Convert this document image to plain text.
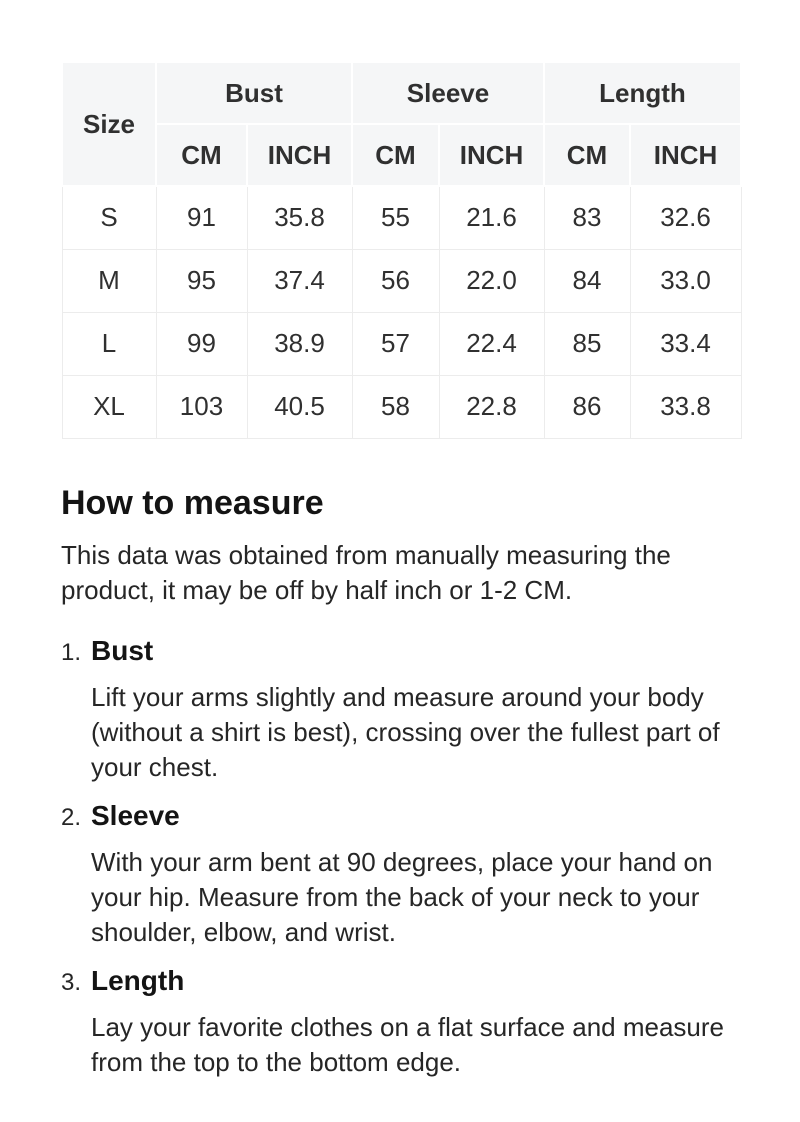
Size	Bust		Sleeve		Length	
	CM	INCH	CM	INCH	CM	INCH
S	91	35.8	55	21.6	83	32.6
M	95	37.4	56	22.0	84	33.0
L	99	38.9	57	22.4	85	33.4
XL	103	40.5	58	22.8	86	33.8
How to measure

This data was obtained from manually measuring the product, it may be off by half inch or 1-2 CM.

1. Bust

Lift your arms slightly and measure around your body (without a shirt is best), crossing over the fullest part of your chest.

2. Sleeve

With your arm bent at 90 degrees, place your hand on your hip. Measure from the back of your neck to your shoulder, elbow, and wrist.

3. Length

Lay your favorite clothes on a flat surface and measure from the top to the bottom edge.
